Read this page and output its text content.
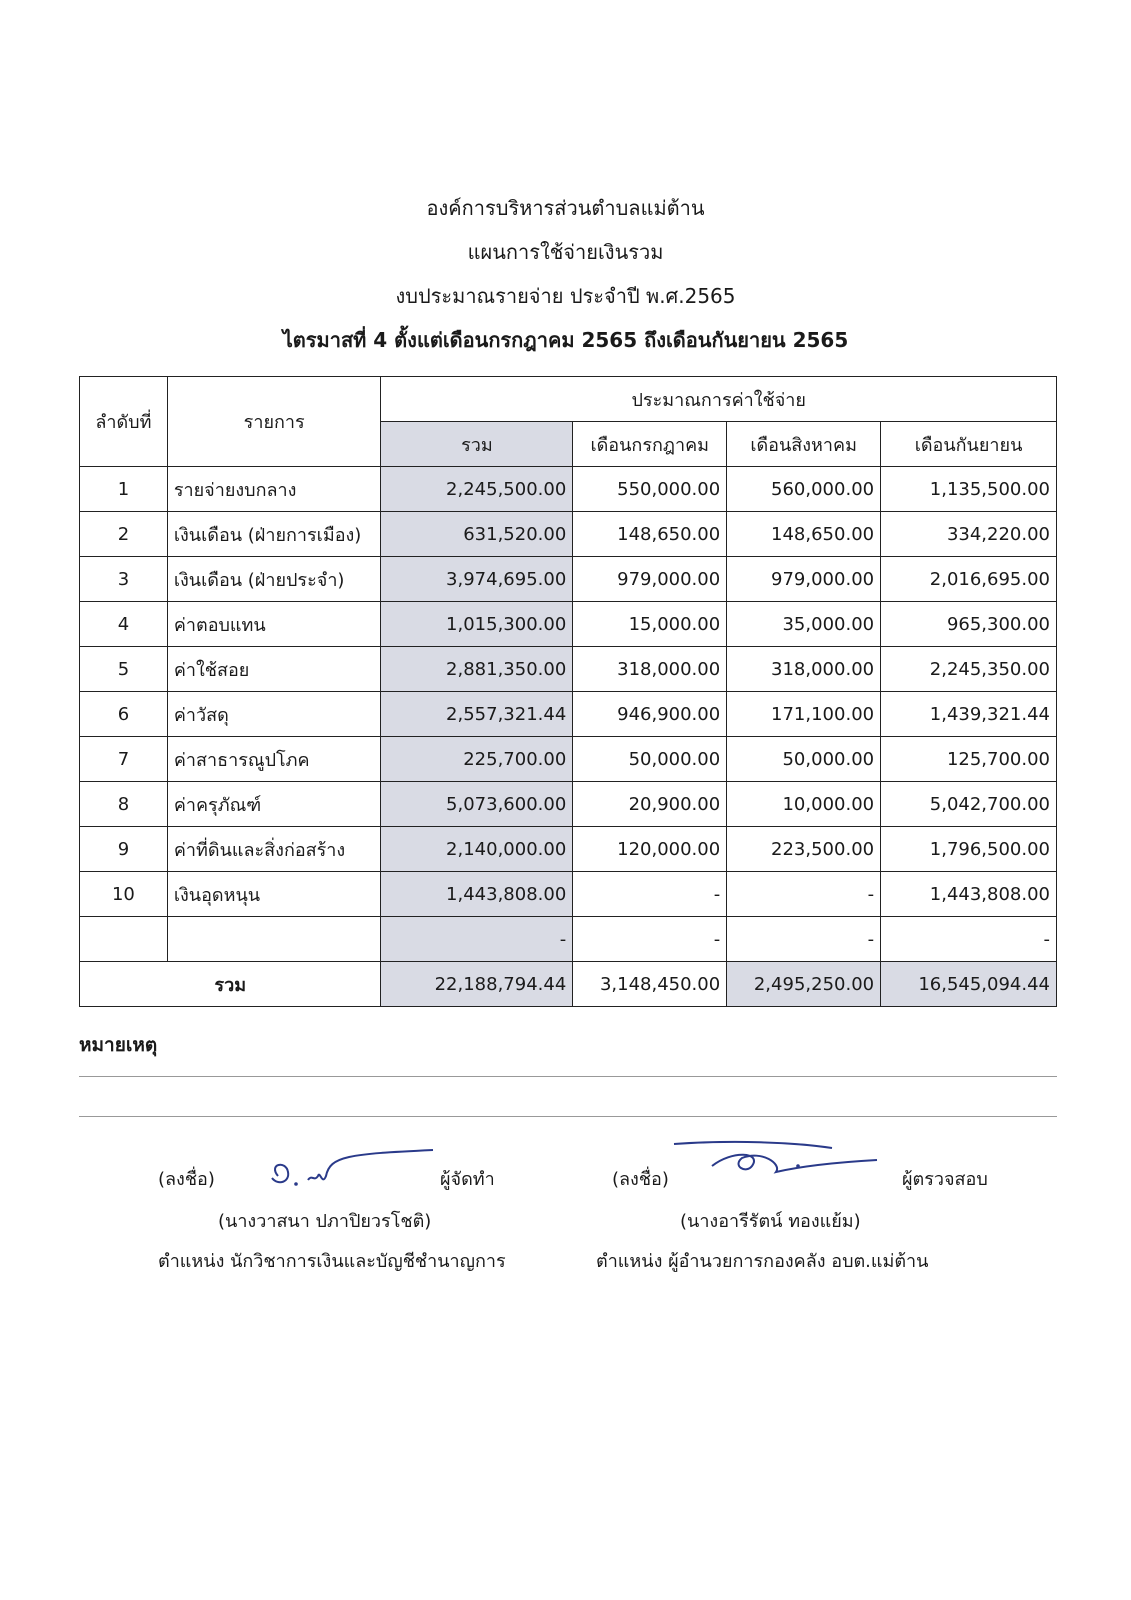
องค์การบริหารส่วนตำบลแม่ต้าน
แผนการใช้จ่ายเงินรวม
งบประมาณรายจ่าย ประจำปี พ.ศ.2565
ไตรมาสที่ 4 ตั้งแต่เดือนกรกฎาคม 2565 ถึงเดือนกันยายน 2565
ลำดับที่	รายการ	ประมาณการค่าใช้จ่าย			
		รวม	เดือนกรกฎาคม	เดือนสิงหาคม	เดือนกันยายน
1	รายจ่ายงบกลาง	2,245,500.00	550,000.00	560,000.00	1,135,500.00
2	เงินเดือน (ฝ่ายการเมือง)	631,520.00	148,650.00	148,650.00	334,220.00
3	เงินเดือน (ฝ่ายประจำ)	3,974,695.00	979,000.00	979,000.00	2,016,695.00
4	ค่าตอบแทน	1,015,300.00	15,000.00	35,000.00	965,300.00
5	ค่าใช้สอย	2,881,350.00	318,000.00	318,000.00	2,245,350.00
6	ค่าวัสดุ	2,557,321.44	946,900.00	171,100.00	1,439,321.44
7	ค่าสาธารณูปโภค	225,700.00	50,000.00	50,000.00	125,700.00
8	ค่าครุภัณฑ์	5,073,600.00	20,900.00	10,000.00	5,042,700.00
9	ค่าที่ดินและสิ่งก่อสร้าง	2,140,000.00	120,000.00	223,500.00	1,796,500.00
10	เงินอุดหนุน	1,443,808.00	-	-	1,443,808.00
		-	-	-	-
รวม		22,188,794.44	3,148,450.00	2,495,250.00	16,545,094.44
หมายเหตุ
(ลงชื่อ)	ผู้จัดทำ
(นางวาสนา ปภาปิยวรโชติ)
ตำแหน่ง นักวิชาการเงินและบัญชีชำนาญการ
(ลงชื่อ)	ผู้ตรวจสอบ
(นางอารีรัตน์ ทองแย้ม)
ตำแหน่ง ผู้อำนวยการกองคลัง อบต.แม่ต้าน
